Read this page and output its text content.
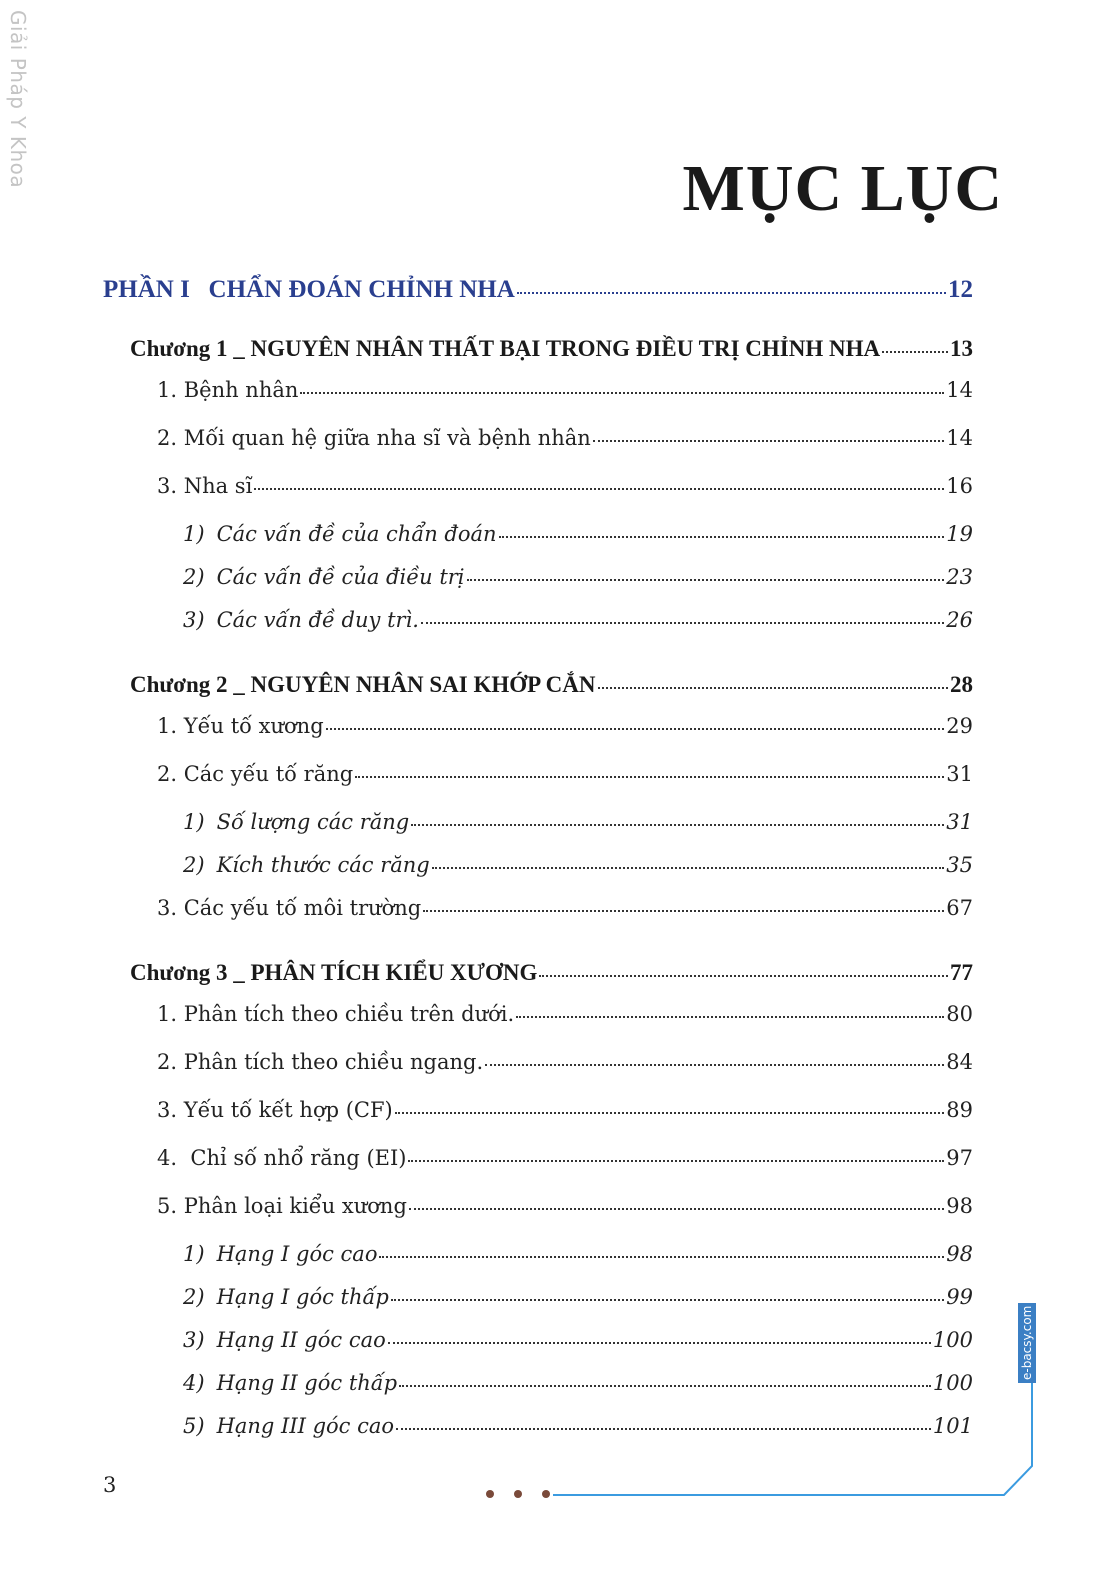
Giải Pháp Y Khoa
MỤC LỤC
PHẦN I   CHẨN ĐOÁN CHỈNH NHA	12
Chương 1 _ NGUYÊN NHÂN THẤT BẠI TRONG ĐIỀU TRỊ CHỈNH NHA	13
1. Bệnh nhân	14
2. Mối quan hệ giữa nha sĩ và bệnh nhân	14
3. Nha sĩ	16
1) Các vấn đề của chẩn đoán	19
2) Các vấn đề của điều trị	23
3) Các vấn đề duy trì.	26
Chương 2 _ NGUYÊN NHÂN SAI KHỚP CẮN	28
1. Yếu tố xương	29
2. Các yếu tố răng	31
1) Số lượng các răng	31
2) Kích thước các răng	35
3. Các yếu tố môi trường	67
Chương 3 _ PHÂN TÍCH KIỂU XƯƠNG	77
1. Phân tích theo chiều trên dưới.	80
2. Phân tích theo chiều ngang.	84
3. Yếu tố kết hợp (CF)	89
4.  Chỉ số nhổ răng (EI)	97
5. Phân loại kiểu xương	98
1) Hạng I góc cao	98
2) Hạng I góc thấp	99
3) Hạng II góc cao	100
4) Hạng II góc thấp	100
5) Hạng III góc cao	101
e-bacsy.com
3
